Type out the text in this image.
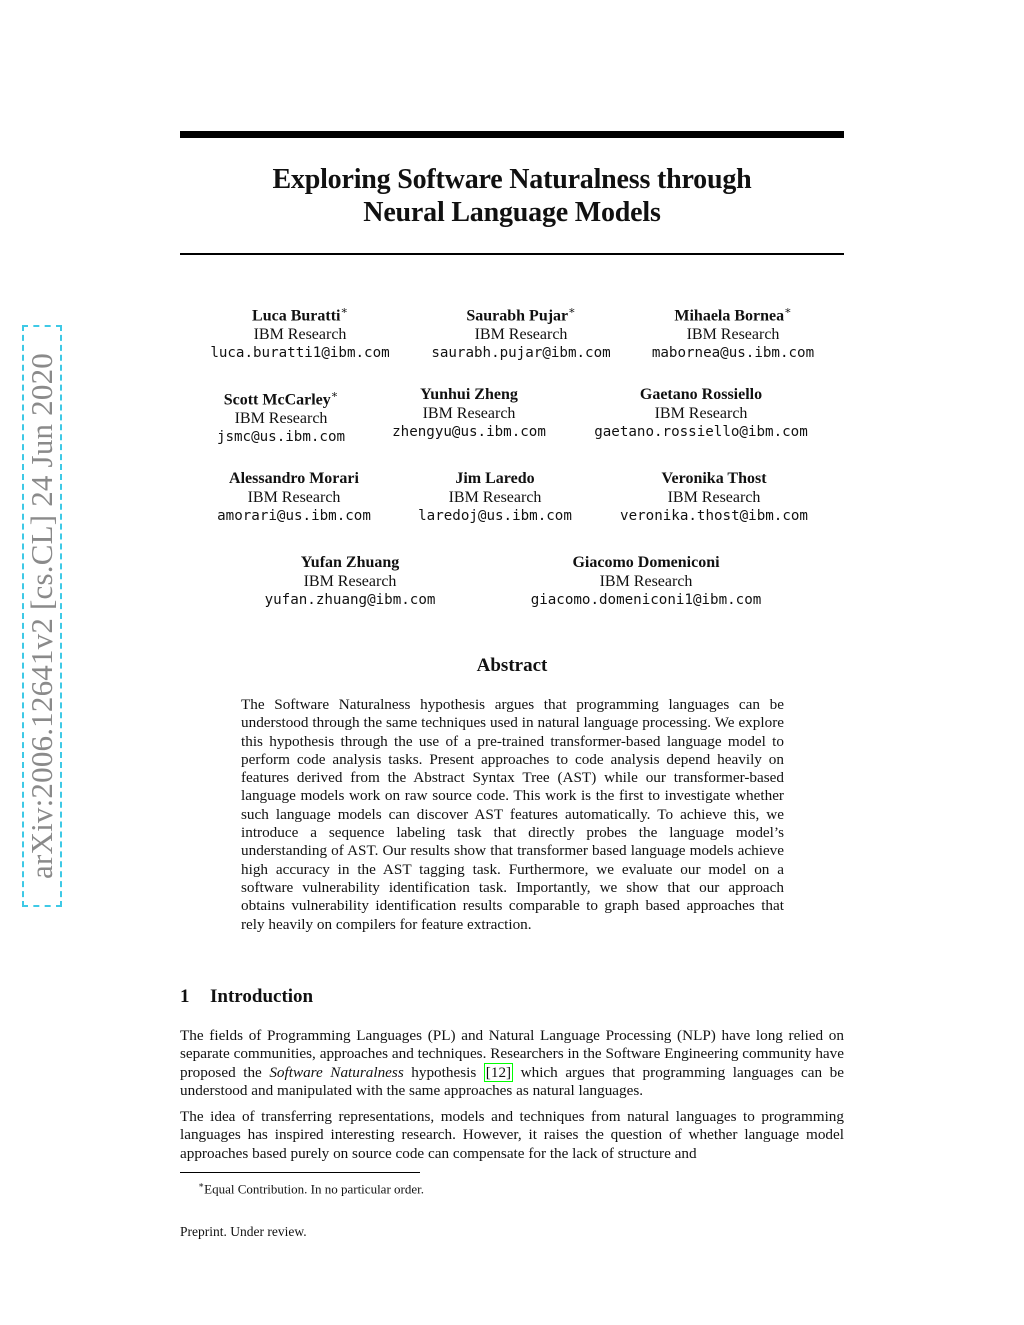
arXiv:2006.12641v2 [cs.CL] 24 Jun 2020
Exploring Software Naturalness through
Neural Language Models
Luca Buratti∗
IBM Research
luca.buratti1@ibm.com
Saurabh Pujar∗
IBM Research
saurabh.pujar@ibm.com
Mihaela Bornea∗
IBM Research
mabornea@us.ibm.com
Scott McCarley∗
IBM Research
jsmc@us.ibm.com
Yunhui Zheng
IBM Research
zhengyu@us.ibm.com
Gaetano Rossiello
IBM Research
gaetano.rossiello@ibm.com
Alessandro Morari
IBM Research
amorari@us.ibm.com
Jim Laredo
IBM Research
laredoj@us.ibm.com
Veronika Thost
IBM Research
veronika.thost@ibm.com
Yufan Zhuang
IBM Research
yufan.zhuang@ibm.com
Giacomo Domeniconi
IBM Research
giacomo.domeniconi1@ibm.com
Abstract
The Software Naturalness hypothesis argues that programming languages can be understood through the same techniques used in natural language processing. We explore this hypothesis through the use of a pre-trained transformer-based language model to perform code analysis tasks. Present approaches to code analysis depend heavily on features derived from the Abstract Syntax Tree (AST) while our transformer-based language models work on raw source code. This work is the first to investigate whether such language models can discover AST features automatically. To achieve this, we introduce a sequence labeling task that directly probes the language model’s understanding of AST. Our results show that transformer based language models achieve high accuracy in the AST tagging task. Furthermore, we evaluate our model on a software vulnerability identification task. Importantly, we show that our approach obtains vulnerability identification results comparable to graph based approaches that rely heavily on compilers for feature extraction.
1 Introduction
The fields of Programming Languages (PL) and Natural Language Processing (NLP) have long relied on separate communities, approaches and techniques. Researchers in the Software Engineering community have proposed the Software Naturalness hypothesis [12] which argues that programming languages can be understood and manipulated with the same approaches as natural languages.
The idea of transferring representations, models and techniques from natural languages to programming languages has inspired interesting research. However, it raises the question of whether language model approaches based purely on source code can compensate for the lack of structure and
∗Equal Contribution. In no particular order.
Preprint. Under review.
